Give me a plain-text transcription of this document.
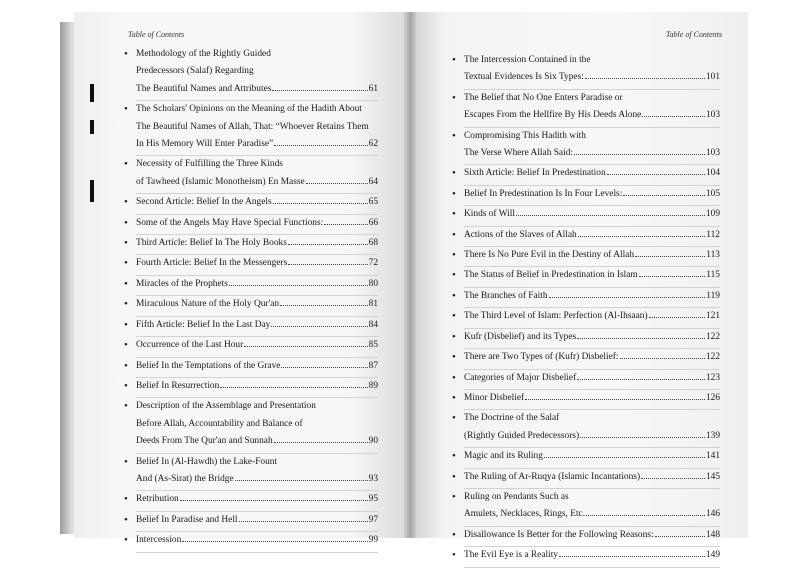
Table of Contents
• Methodology of the Rightly Guided
Predecessors (Salaf) Regarding
The Beautiful Names and Attributes	61
• The Scholars' Opinions on the Meaning of the Hadith About
The Beautiful Names of Allah, That: “Whoever Retains Them
In His Memory Will Enter Paradise”	62
• Necessity of Fulfilling the Three Kinds
of Tawheed (Islamic Monotheism) En Masse	64
• Second Article: Belief In the Angels	65
• Some of the Angels May Have Special Functions:	66
• Third Article: Belief In The Holy Books	68
• Fourth Article: Belief In the Messengers	72
• Miracles of the Prophets	80
• Miraculous Nature of the Holy Qur'an	81
• Fifth Article: Belief In the Last Day	84
• Occurrence of the Last Hour	85
• Belief In the Temptations of the Grave	87
• Belief In Resurrection	89
• Description of the Assemblage and Presentation
Before Allah, Accountability and Balance of
Deeds From The Qur'an and Sunnah	90
• Belief In (Al-Hawdh) the Lake-Fount
And (As-Sirat) the Bridge	93
• Retribution	95
• Belief In Paradise and Hell	97
• Intercession	99
Table of Contents
• The Intercession Contained in the
Textual Evidences Is Six Types:	101
• The Belief that No One Enters Paradise or
Escapes From the Hellfire By His Deeds Alone	103
• Compromising This Hadith with
The Verse Where Allah Said:	103
• Sixth Article: Belief In Predestination	104
• Belief In Predestination Is In Four Levels:	105
• Kinds of Will	109
• Actions of the Slaves of Allah	112
• There Is No Pure Evil in the Destiny of Allah	113
• The Status of Belief in Predestination in Islam	115
• The Branches of Faith	119
• The Third Level of Islam: Perfection (Al-Ihsaan)	121
• Kufr (Disbelief) and its Types	122
• There are Two Types of (Kufr) Disbelief:	122
• Categories of Major Disbelief	123
• Minor Disbelief	126
• The Doctrine of the Salaf
(Rightly Guided Predecessors)	139
• Magic and its Ruling	141
• The Ruling of Ar-Ruqya (Islamic Incantations)	145
• Ruling on Pendants Such as
Amulets, Necklaces, Rings, Etc.	146
• Disallowance Is Better for the Following Reasons:	148
• The Evil Eye is a Reality	149
